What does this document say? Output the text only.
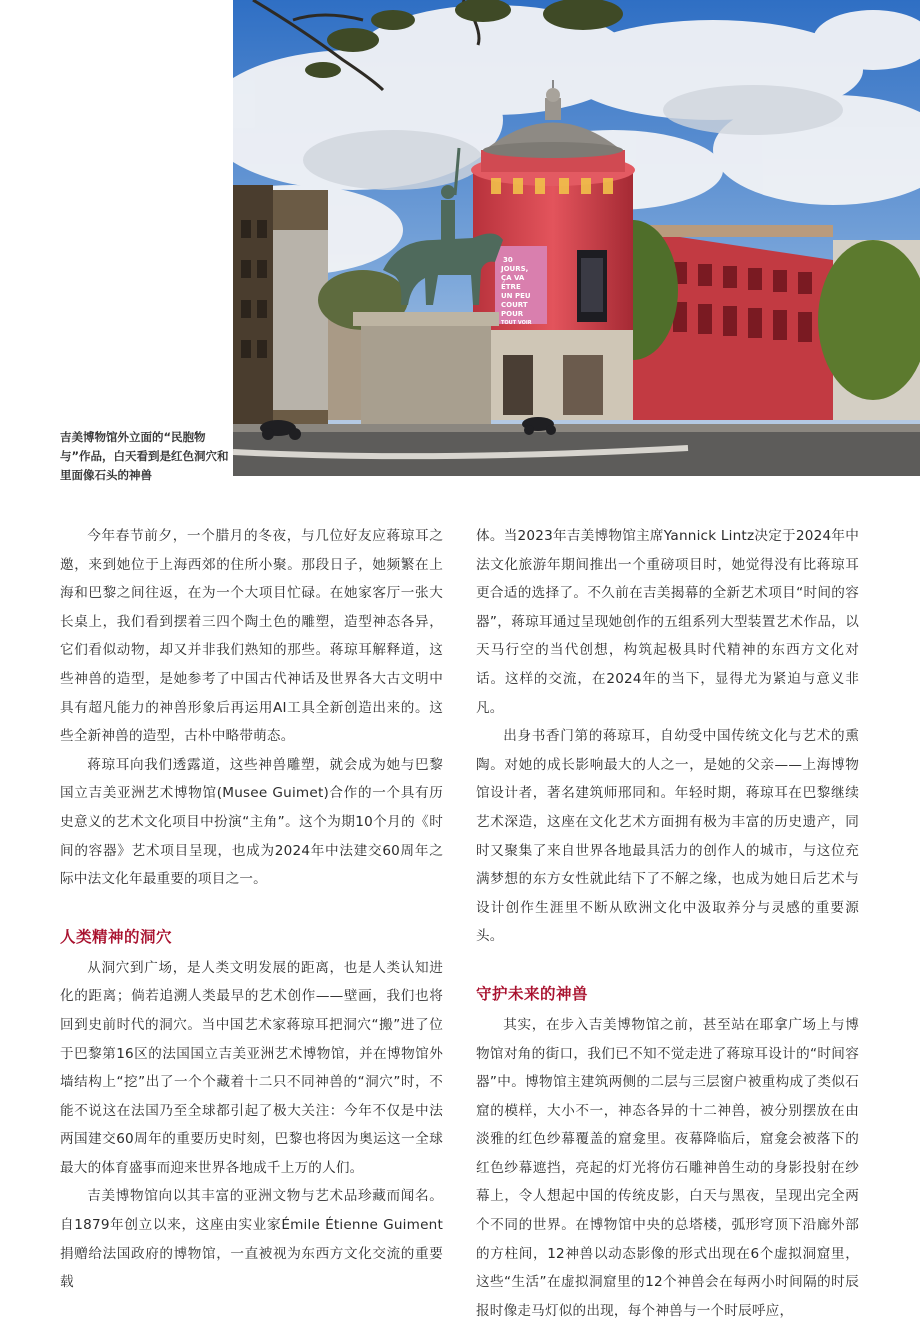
30
JOURS,
ÇA VA
ÊTRE
UN PEU
COURT
POUR
TOUT VOIR
吉美博物馆外立面的“民胞物与”作品，白天看到是红色洞穴和里面像石头的神兽

今年春节前夕，一个腊月的冬夜，与几位好友应蒋琼耳之邀，来到她位于上海西郊的住所小聚。那段日子，她频繁在上海和巴黎之间往返，在为一个大项目忙碌。在她家客厅一张大长桌上，我们看到摆着三四个陶土色的雕塑，造型神态各异，它们看似动物，却又并非我们熟知的那些。蒋琼耳解释道，这些神兽的造型，是她参考了中国古代神话及世界各大古文明中具有超凡能力的神兽形象后再运用AI工具全新创造出来的。这些全新神兽的造型，古朴中略带萌态。

蒋琼耳向我们透露道，这些神兽雕塑，就会成为她与巴黎国立吉美亚洲艺术博物馆(Musee Guimet)合作的一个具有历史意义的艺术文化项目中扮演“主角”。这个为期10个月的《时间的容器》艺术项目呈现，也成为2024年中法建交60周年之际中法文化年最重要的项目之一。

人类精神的洞穴

从洞穴到广场，是人类文明发展的距离，也是人类认知进化的距离；倘若追溯人类最早的艺术创作——壁画，我们也将回到史前时代的洞穴。当中国艺术家蒋琼耳把洞穴“搬”进了位于巴黎第16区的法国国立吉美亚洲艺术博物馆，并在博物馆外墙结构上“挖”出了一个个藏着十二只不同神兽的“洞穴”时，不能不说这在法国乃至全球都引起了极大关注：今年不仅是中法两国建交60周年的重要历史时刻，巴黎也将因为奥运这一全球最大的体育盛事而迎来世界各地成千上万的人们。

吉美博物馆向以其丰富的亚洲文物与艺术品珍藏而闻名。自1879年创立以来，这座由实业家Émile Étienne Guiment捐赠给法国政府的博物馆，一直被视为东西方文化交流的重要载

体。当2023年吉美博物馆主席Yannick Lintz决定于2024年中法文化旅游年期间推出一个重磅项目时，她觉得没有比蒋琼耳更合适的选择了。不久前在吉美揭幕的全新艺术项目“时间的容器”，蒋琼耳通过呈现她创作的五组系列大型装置艺术作品，以天马行空的当代创想，构筑起极具时代精神的东西方文化对话。这样的交流，在2024年的当下，显得尤为紧迫与意义非凡。

出身书香门第的蒋琼耳，自幼受中国传统文化与艺术的熏陶。对她的成长影响最大的人之一，是她的父亲——上海博物馆设计者，著名建筑师邢同和。年轻时期，蒋琼耳在巴黎继续艺术深造，这座在文化艺术方面拥有极为丰富的历史遗产，同时又聚集了来自世界各地最具活力的创作人的城市，与这位充满梦想的东方女性就此结下了不解之缘，也成为她日后艺术与设计创作生涯里不断从欧洲文化中汲取养分与灵感的重要源头。

守护未来的神兽

其实，在步入吉美博物馆之前，甚至站在耶拿广场上与博物馆对角的街口，我们已不知不觉走进了蒋琼耳设计的“时间容器”中。博物馆主建筑两侧的二层与三层窗户被重构成了类似石窟的模样，大小不一，神态各异的十二神兽，被分别摆放在由淡雅的红色纱幕覆盖的窟龛里。夜幕降临后，窟龛会被落下的红色纱幕遮挡，亮起的灯光将仿石雕神兽生动的身影投射在纱幕上，令人想起中国的传统皮影，白天与黑夜，呈现出完全两个不同的世界。在博物馆中央的总塔楼，弧形穹顶下沿廊外部的方柱间，12神兽以动态影像的形式出现在6个虚拟洞窟里，这些“生活”在虚拟洞窟里的12个神兽会在每两小时间隔的时辰报时像走马灯似的出现，每个神兽与一个时辰呼应，
